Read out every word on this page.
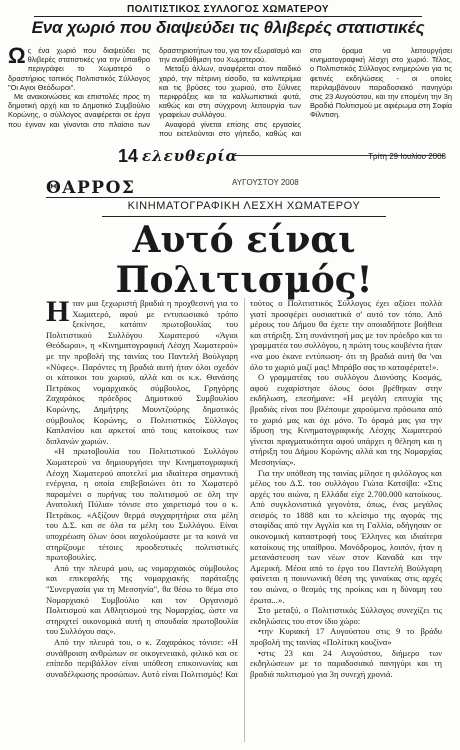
ΠΟΛΙΤΙΣΤΙΚΟΣ ΣΥΛΛΟΓΟΣ ΧΩΜΑΤΕΡΟΥ
Ενα χωριό που διαψεύδει τις θλιβερές στατιστικές

Ως ένα χωριό που διαψεύδει τις θλιβερές στατιστικές για την ύπαιθρο περιγράφει το Χωματερό ο δραστήριος τοπικός Πολιτιστικός Σύλλογος "Οι Αγιοι Θεόδωροι".

Με ανακοινώσεις και επιστολές προς τη δημοτική αρχή και το Δημοτικό Συμβούλιο Κορώνης, ο σύλλογος αναφέρεται σε έργα που έγιναν και γίνονται στο πλαίσιο των δραστηριοτήτων του, για τον εξωραϊσμό και την αναβάθμιση του Χωματερού.

Μεταξύ άλλων, αναφέρεται στον παιδικό χαρό, την πέτρινη είσοδο, τα καλντερίμια και τις βρύσες του χωριού, στο ξύλινες περιφράξεις και τα καλλωπιστικά φυτά, καθώς και στη σύγχρονη λειτουργία των γραφείων συλλόγου.

Αναφορά γίνεται επίσης στις εργασίες που εκτελούνται στο γήπεδο, καθώς και στο όραμα να λειτουργήσει κινηματογραφική λέσχη στο χωριό. Τέλος, ο Πολιτιστικός Σύλλογος ενημερώνει για τις φετινές εκδηλώσεις - οι οποίες περιλαμβάνουν παραδοσιακό πανηγύρι στις 23 Αυγούστου, και την επομένη την 3η Βραδιά Πολιτισμού με αφιέρωμα στη Σοφία Φίλντιση.

14 ελευθερία	Τρίτη 29 Ιουλίου 2008
ΘΑΡΡΟΣ	ΑΥΓΟΥΣΤΟΥ 2008
ΚΙΝΗΜΑΤΟΓΡΑΦΙΚΗ ΛΕΣΧΗ ΧΩΜΑΤΕΡΟΥ
Αυτό είναι
Πολιτισμός!

Ηταν μια ξεχωριστή βραδιά η προχθεσινή για το Χωματερό, αφού με εντυπωσιακό τρόπο ξεκίνησε, κατόπιν πρωτοβουλίας του Πολιτιστικού Συλλόγου Χωματερού «Άγιοι Θεόδωροι», η «Κινηματογραφική Λέσχη Χωματερού» με την προβολή της ταινίας του Παντελή Βούλγαρη «Νύφες». Παρόντες τη βραδιά αυτή ήταν όλοι σχεδόν οι κάτοικοι του χωριού, αλλά και οι κ.κ. Θανάσης Πετράκος νομαρχιακός σύμβουλος, Γρηγόρης Ζαχαράκος πρόεδρος Δημοτικού Συμβουλίου Κορώνης, Δημήτρης Μουντζούρης δημοτικός σύμβουλος Κορώνης, ο Πολιτιστικός Σύλλογος Καπλανίου και αρκετοί από τους κατοίκους των διπλανών χωριών.

«Η πρωτοβουλία του Πολιτιστικού Συλλόγου Χωματερού να δημιουργήσει την Κινηματογραφική Λέσχη Χωματερού αποτελεί μια ιδιαίτερα σημαντική ενέργεια, η οποία επιβεβαιώνει ότι το Χωματερό παραμένει ο πυρήνας του πολιτισμού σε όλη την Ανατολική Πύλια» τόνισε στο χαιρετισμό του ο κ. Πετράκος. «Αξίζουν θερμά συγχαρητήρια στα μέλη του Δ.Σ. και σε όλα τα μέλη του Συλλόγου. Είναι υποχρέωση όλων όσοι ασχολούμαστε με τα κοινά να στηρίζουμε τέτοιες προοδευτικές πολιτιστικές πρωτοβουλίες.

Από την πλευρά μου, ως νομαρχιακός σύμβουλος και επικεφαλής της νομαρχιακής παράταξης "Συνεργασία για τη Μεσσηνία", θα θέσω το θέμα στο Νομαρχιακό Συμβούλιο και τον Οργανισμό Πολιτισμού και Αθλητισμού της Νομαρχίας, ώστε να στηριχτεί οικονομικά αυτή η σπουδαία πρωτοβουλία του Συλλόγου σας».

Από την πλευρά του, ο κ. Ζαχαράκος τόνισε: «Η συνάθροιση ανθρώπων σε οικογενειακό, φιλικό και σε επίπεδο περιβάλλον είναι υπόθεση επικοινωνίας και συναδέλφωσης προσώπων. Αυτό είναι Πολιτισμός! Και τούτος ο Πολιτιστικός Σύλλογος έχει αξίσει πολλά γιατί προσφέρει ουσιαστικά σ' αυτό τον τόπο. Από μέρους του Δήμου θα έχετε την οποιαδήποτε βοήθεια και στήριξη. Στη συνάντησή μας με τον πρόεδρο και το γραμματέα του συλλόγου, η πρώτη τους κουβέντα ήταν «να μου έκανε εντύπωση- ότι τη βραδιά αυτή θα 'ναι όλο το χωριό μαζί μας! Μπράβο σας το καταφέρατε!».

Ο γραμματέας του συλλόγου Διονύσης Κοσμάς, αφού ευχαρίστησε όλους όσοι βρέθηκαν στην εκδήλωση, επεσήμανε: «Η μεγάλη επιτυχία της βραδιάς είναι που βλέπουμε χαρούμενα πρόσωπα από το χωριό μας και όχι μόνο. Το όραμά μας για την ίδρυση της Κινηματογραφικής Λέσχης Χωματερού γίνεται πραγματικότητα αφού υπάρχει η θέληση και η στήριξη του Δήμου Κορώνης αλλά και της Νομαρχίας Μεσσηνίας».

Για την υπόθεση της ταινίας μίλησε η φιλόλογος και μέλος του Δ.Σ. του συλλόγου Γιώτα Κατσίβα: «Στις αρχές του αιώνα, η Ελλάδα είχε 2.700.000 κατοίκους. Από συγκλονιστικά γεγονότα, όπως, ένας μεγάλος σεισμός το 1888 και το κλείσιμο της αγοράς της σταφίδας από την Αγγλία και τη Γαλλία, οδήγησαν σε οικονομική καταστροφή τους Έλληνες και ιδιαίτερα κατοίκους της υπαίθρου. Μονόδρομος, λοιπόν, ήταν η μετανάστευση των νέων στον Καναδά και την Αμερική. Μέσα από το έργο του Παντελή Βούλγαρη φαίνεται η ποιυνωνική θέση της γυναίκας στις αρχές του αιώνα, ο θεσμός της προίκας και η δύναμη του έρωτα...».

Στο μεταξύ, ο Πολιτιστικός Σύλλογος συνεχίζει τις εκδηλώσεις του στον ίδιο χώρο:

•την Κυριακή 17 Αυγούστου στις 9 το βράδυ προβολή της ταινίας «Πολίτικη κουζίνα»

•στις 23 και 24 Αυγούστου, διήμερο των εκδηλώσεων με το παραδοσιακό πανηγύρι και τη βραδιά πολιτισμού για 3η συνεχή χρονιά.
